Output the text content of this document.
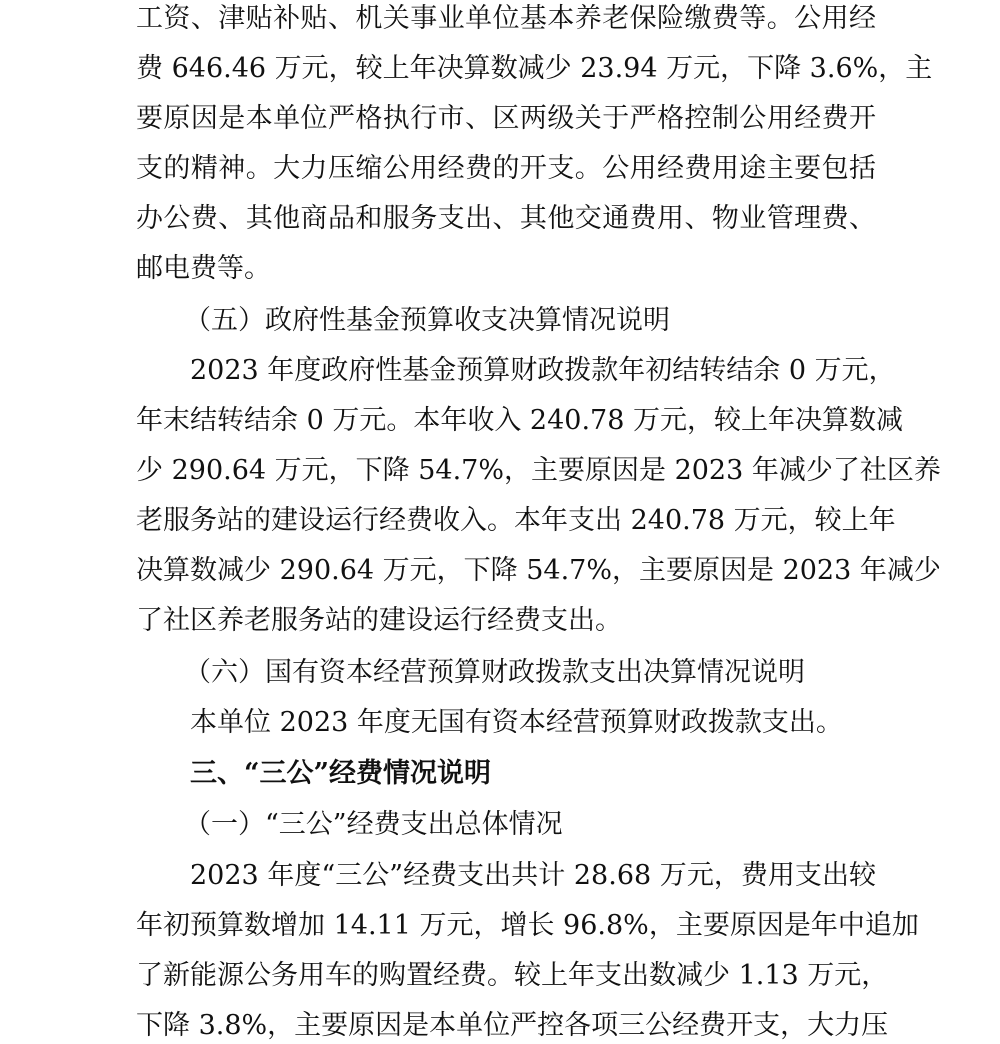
工资、津贴补贴、机关事业单位基本养老保险缴费等。公用经
费 646.46 万元，较上年决算数减少 23.94 万元，下降 3.6%，主
要原因是本单位严格执行市、区两级关于严格控制公用经费开
支的精神。大力压缩公用经费的开支。公用经费用途主要包括
办公费、其他商品和服务支出、其他交通费用、物业管理费、
邮电费等。
（五）政府性基金预算收支决算情况说明
2023 年度政府性基金预算财政拨款年初结转结余 0 万元，
年末结转结余 0 万元。本年收入 240.78 万元，较上年决算数减
少 290.64 万元，下降 54.7%，主要原因是 2023 年减少了社区养
老服务站的建设运行经费收入。本年支出 240.78 万元，较上年
决算数减少 290.64 万元，下降 54.7%，主要原因是 2023 年减少
了社区养老服务站的建设运行经费支出。
（六）国有资本经营预算财政拨款支出决算情况说明
本单位 2023 年度无国有资本经营预算财政拨款支出。
三、“三公”经费情况说明
（一）“三公”经费支出总体情况
2023 年度“三公”经费支出共计 28.68 万元，费用支出较
年初预算数增加 14.11 万元，增长 96.8%，主要原因是年中追加
了新能源公务用车的购置经费。较上年支出数减少 1.13 万元，
下降 3.8%，主要原因是本单位严控各项三公经费开支，大力压
